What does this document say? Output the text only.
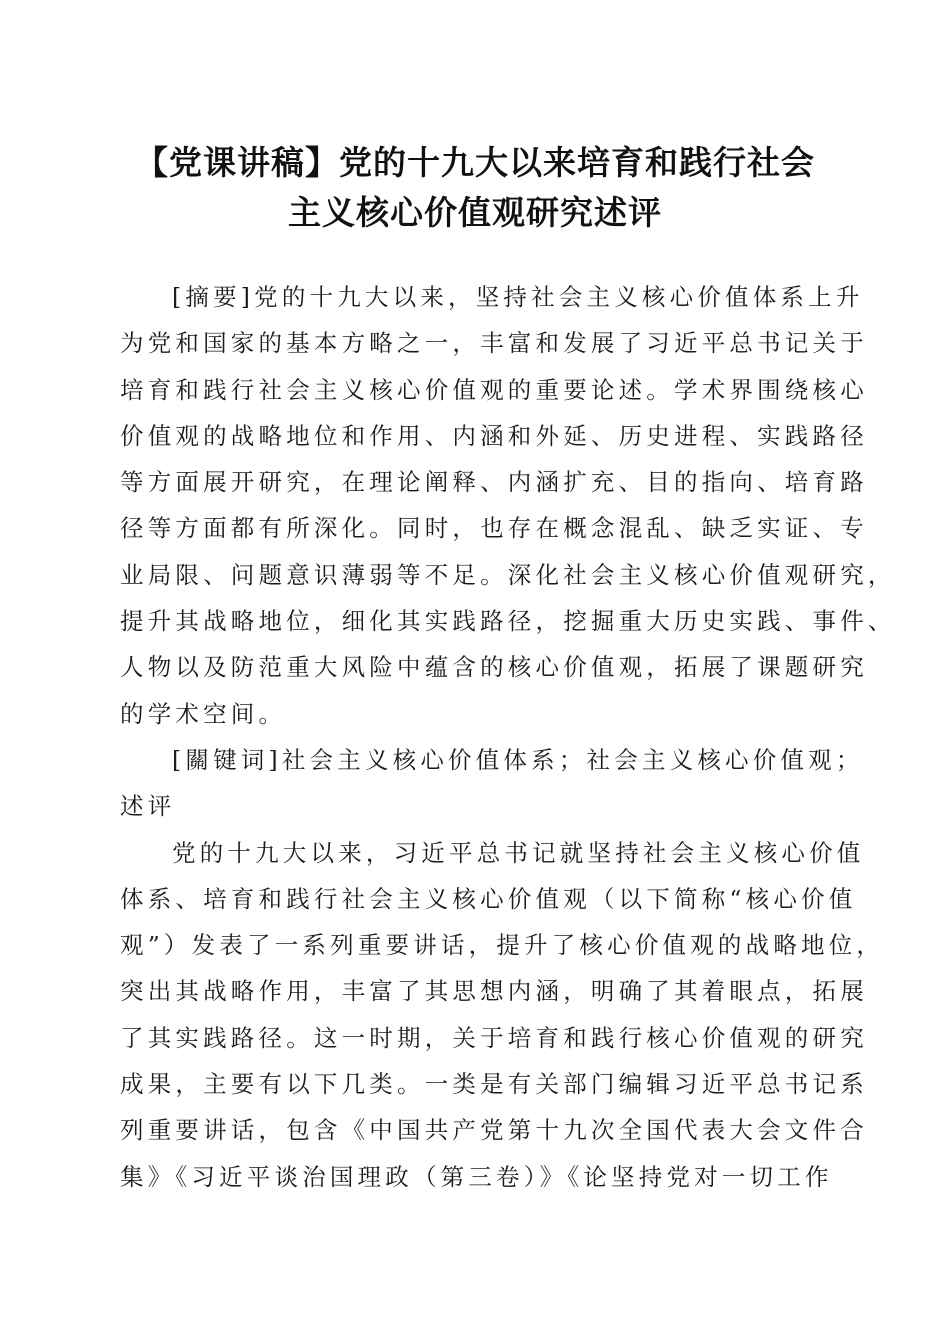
【党课讲稿】党的十九大以来培育和践行社会
主义核心价值观研究述评
[摘要]党的十九大以来，坚持社会主义核心价值体系上升
为党和国家的基本方略之一，丰富和发展了习近平总书记关于
培育和践行社会主义核心价值观的重要论述。学术界围绕核心
价值观的战略地位和作用、内涵和外延、历史进程、实践路径
等方面展开研究，在理论阐释、内涵扩充、目的指向、培育路
径等方面都有所深化。同时，也存在概念混乱、缺乏实证、专
业局限、问题意识薄弱等不足。深化社会主义核心价值观研究，
提升其战略地位，细化其实践路径，挖掘重大历史实践、事件、
人物以及防范重大风险中蕴含的核心价值观，拓展了课题研究
的学术空间。
[關键词]社会主义核心价值体系；社会主义核心价值观；
述评
党的十九大以来，习近平总书记就坚持社会主义核心价值
体系、培育和践行社会主义核心价值观（以下简称“核心价值
观”）发表了一系列重要讲话，提升了核心价值观的战略地位，
突出其战略作用，丰富了其思想内涵，明确了其着眼点，拓展
了其实践路径。这一时期，关于培育和践行核心价值观的研究
成果，主要有以下几类。一类是有关部门编辑习近平总书记系
列重要讲话，包含《中国共产党第十九次全国代表大会文件合
集》《习近平谈治国理政（第三卷）》《论坚持党对一切工作
